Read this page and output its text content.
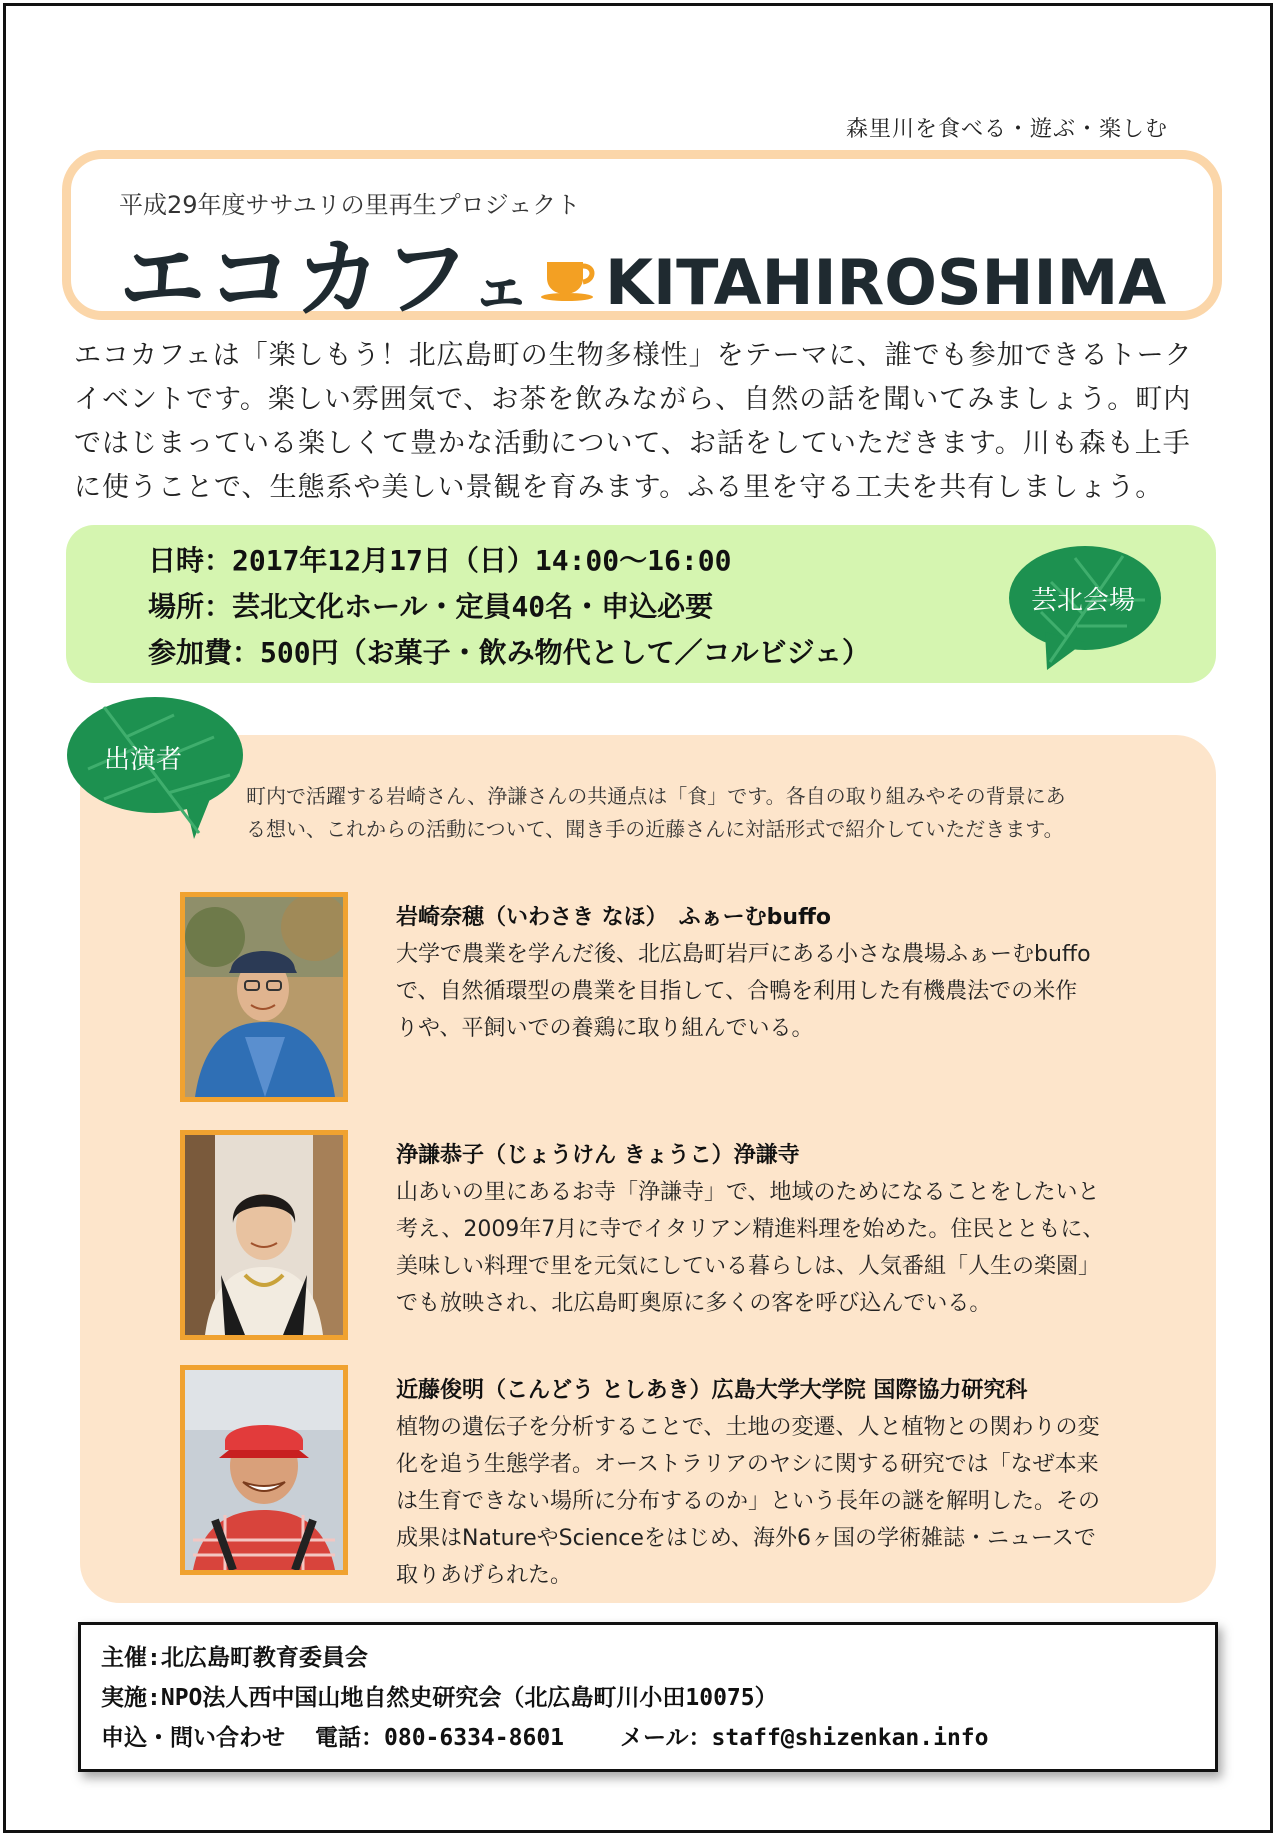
森里川を食べる・遊ぶ・楽しむ
平成29年度ササユリの里再生プロジェクト
エコカフェ KITAHIROSHIMA

エコカフェは「楽しもう！北広島町の生物多様性」をテーマに、誰でも参加できるトーク

イベントです。楽しい雰囲気で、お茶を飲みながら、自然の話を聞いてみましょう。町内

ではじまっている楽しくて豊かな活動について、お話をしていただきます。川も森も上手

に使うことで、生態系や美しい景観を育みます。ふる里を守る工夫を共有しましょう。

日時：2017年12月17日（日）14:00～16:00
場所：芸北文化ホール・定員40名・申込必要
参加費：500円（お菓子・飲み物代として／コルビジェ）
芸北会場
出演者

町内で活躍する岩崎さん、浄謙さんの共通点は「食」です。各自の取り組みやその背景にあ

る想い、これからの活動について、聞き手の近藤さんに対話形式で紹介していただきます。

岩崎奈穂（いわさき なほ）　ふぁーむbuffo

大学で農業を学んだ後、北広島町岩戸にある小さな農場ふぁーむbuffo

で、自然循環型の農業を目指して、合鴨を利用した有機農法での米作

りや、平飼いでの養鶏に取り組んでいる。

浄謙恭子（じょうけん きょうこ）浄謙寺

山あいの里にあるお寺「浄謙寺」で、地域のためになることをしたいと

考え、2009年7月に寺でイタリアン精進料理を始めた。住民とともに、

美味しい料理で里を元気にしている暮らしは、人気番組「人生の楽園」

でも放映され、北広島町奥原に多くの客を呼び込んでいる。

近藤俊明（こんどう としあき）広島大学大学院 国際協力研究科

植物の遺伝子を分析することで、土地の変遷、人と植物との関わりの変

化を追う生態学者。オーストラリアのヤシに関する研究では「なぜ本来

は生育できない場所に分布するのか」という長年の謎を解明した。その

成果はNatureやScienceをはじめ、海外6ヶ国の学術雑誌・ニュースで

取りあげられた。

主催:北広島町教育委員会
実施:NPO法人西中国山地自然史研究会（北広島町川小田10075）
申込・問い合わせ 電話：080-6334-8601 メール：staff@shizenkan.info
